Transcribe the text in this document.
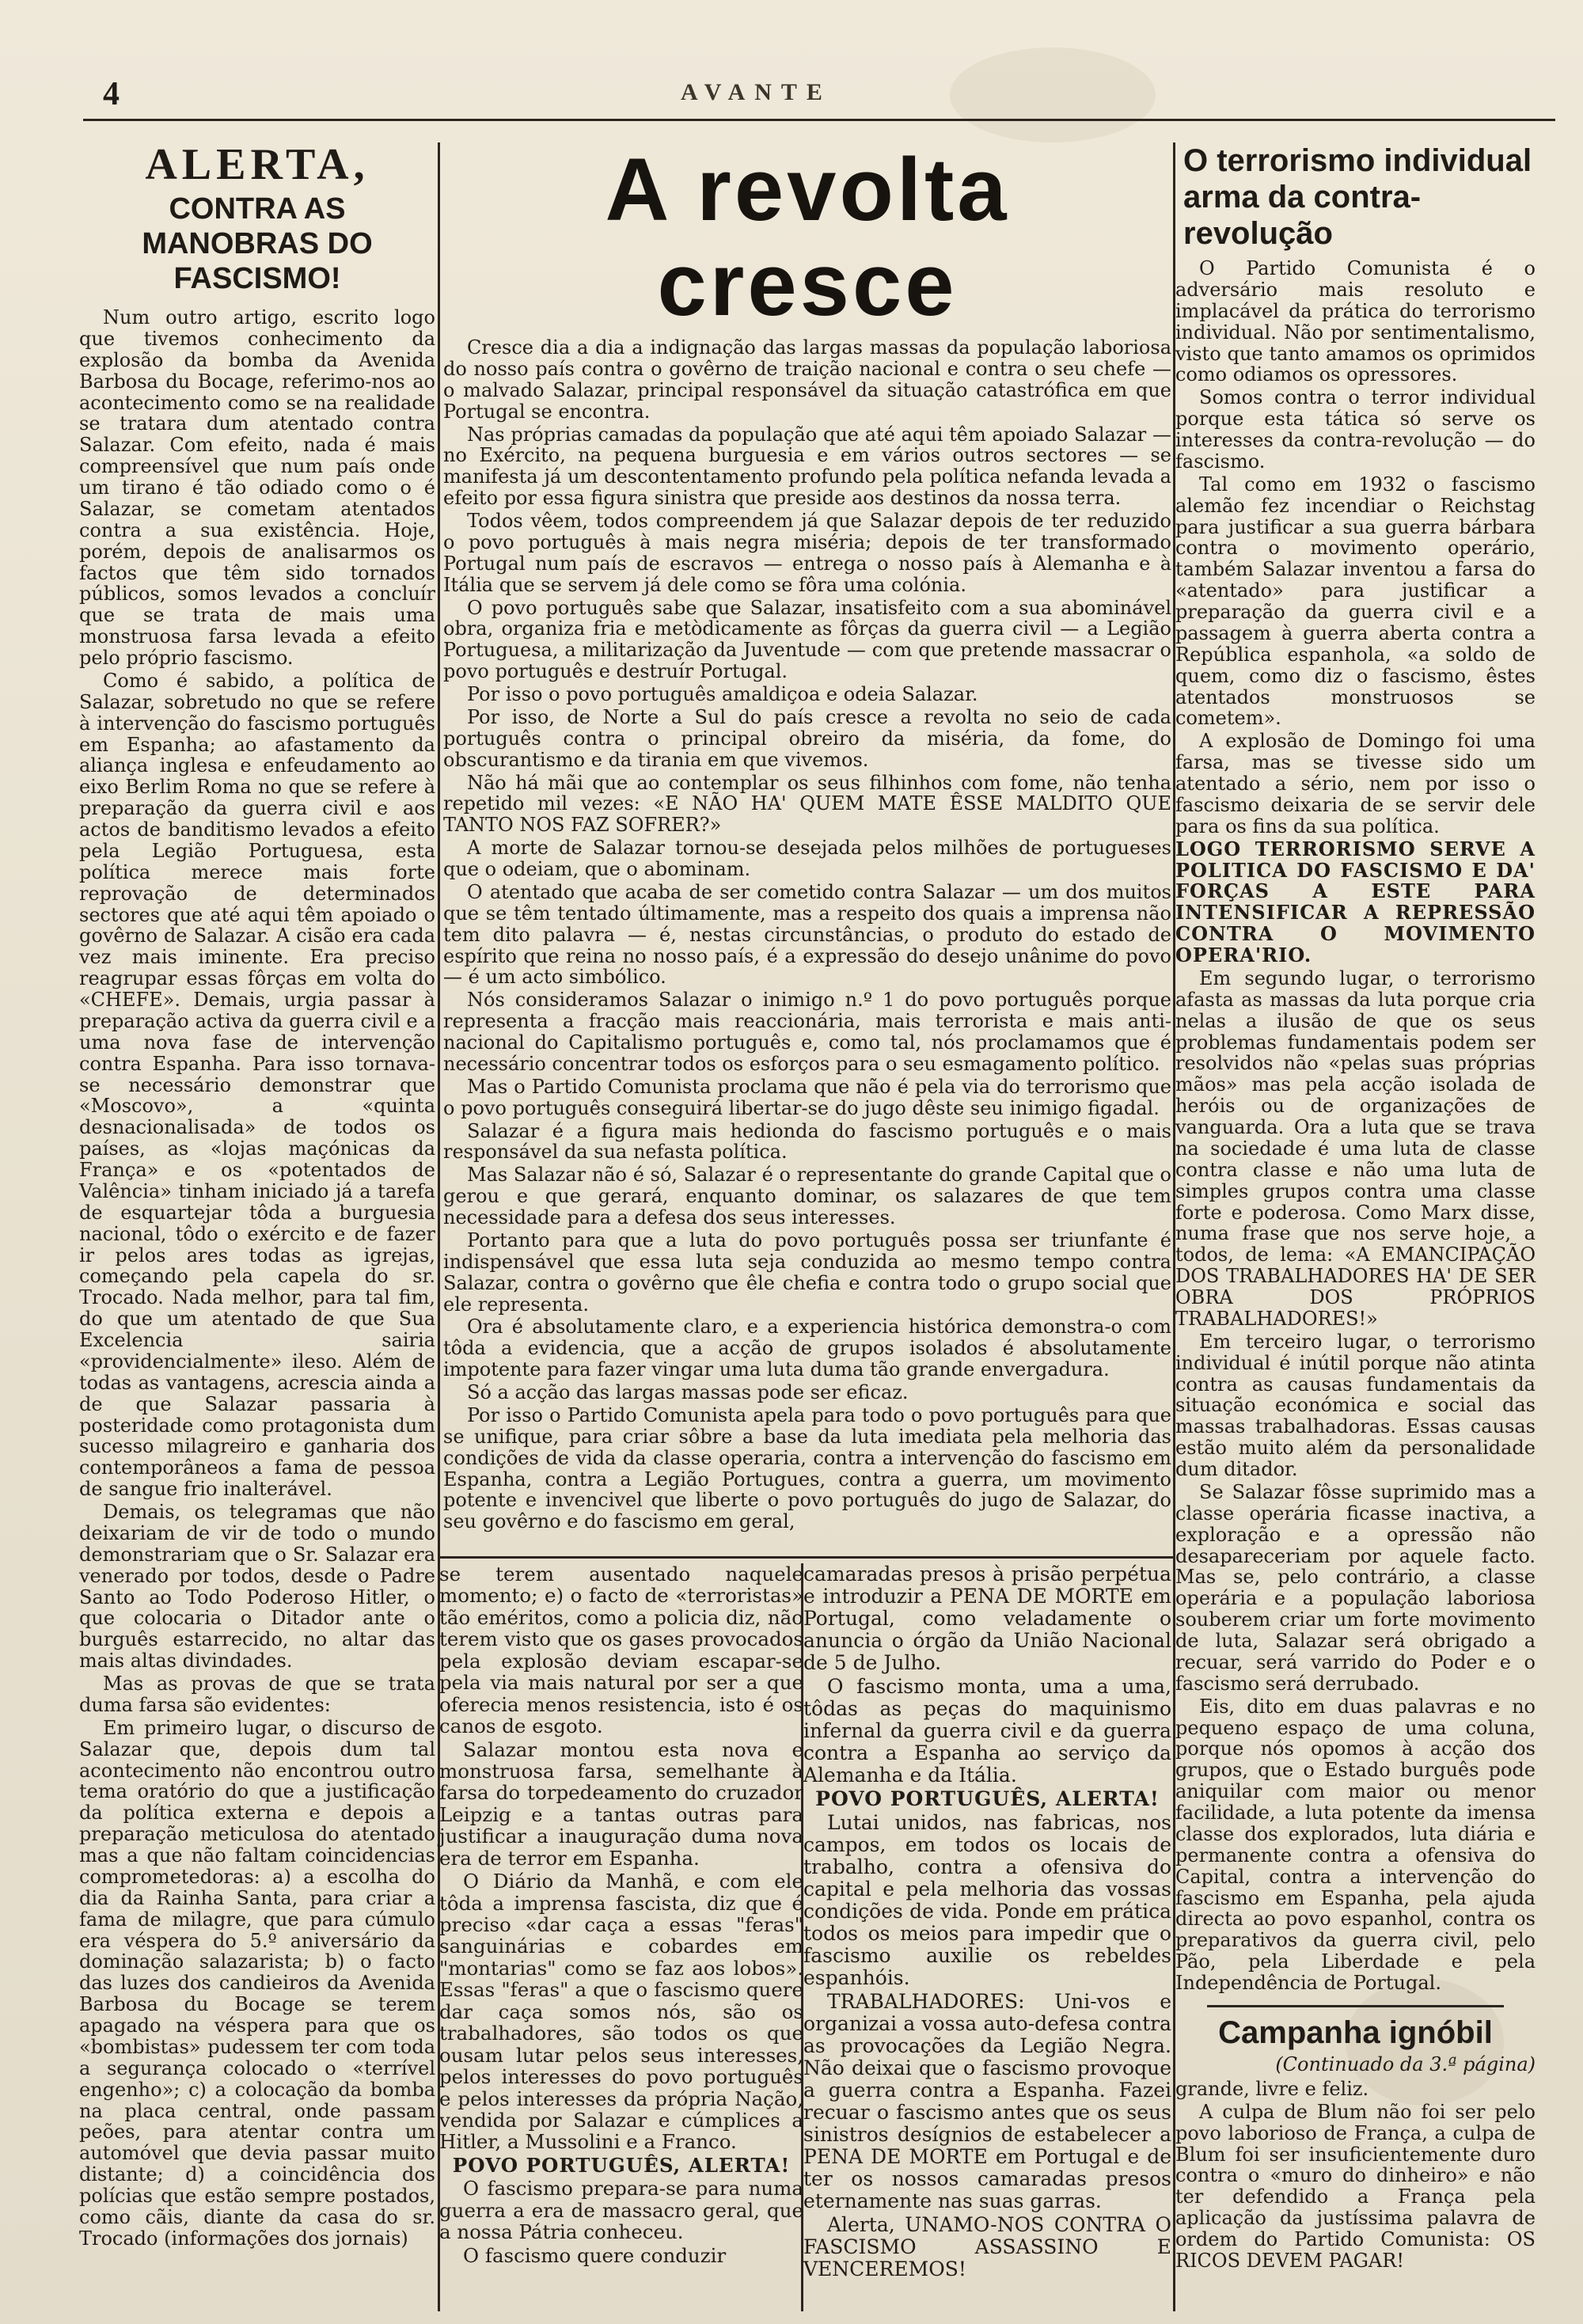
4	AVANTE
ALERTA,
CONTRA AS MANOBRAS DO FASCISMO!

Num outro artigo, escrito logo que tivemos conhecimento da explosão da bomba da Avenida Barbosa du Bocage, referimo-nos ao acontecimento como se na realidade se tratara dum atentado contra Salazar. Com efeito, nada é mais compreensível que num país onde um tirano é tão odiado como o é Salazar, se cometam atentados contra a sua existência. Hoje, porém, depois de analisarmos os factos que têm sido tornados públicos, somos levados a concluír que se trata de mais uma monstruosa farsa levada a efeito pelo próprio fascismo.

Como é sabido, a política de Salazar, sobretudo no que se refere à intervenção do fascismo português em Espanha; ao afastamento da aliança inglesa e enfeudamento ao eixo Berlim Roma no que se refere à preparação da guerra civil e aos actos de banditismo levados a efeito pela Legião Portuguesa, esta política merece mais forte reprovação de determinados sectores que até aqui têm apoiado o govêrno de Salazar. A cisão era cada vez mais iminente. Era preciso reagrupar essas fôrças em volta do «CHEFE». Demais, urgia passar à preparação activa da guerra civil e a uma nova fase de intervenção contra Espanha. Para isso tornava-se necessário demonstrar que «Moscovo», a «quinta desnacionalisada» de todos os países, as «lojas maçónicas da França» e os «potentados de Valência» tinham iniciado já a tarefa de esquartejar tôda a burguesia nacional, tôdo o exército e de fazer ir pelos ares todas as igrejas, começando pela capela do sr. Trocado. Nada melhor, para tal fim, do que um atentado de que Sua Excelencia sairia «providencialmente» ileso. Além de todas as vantagens, acrescia ainda a de que Salazar passaria à posteridade como protagonista dum sucesso milagreiro e ganharia dos contemporâneos a fama de pessoa de sangue frio inalterável.

Demais, os telegramas que não deixariam de vir de todo o mundo demonstrariam que o Sr. Salazar era venerado por todos, desde o Padre Santo ao Todo Poderoso Hitler, o que colocaria o Ditador ante o burguês estarrecido, no altar das mais altas divindades.

Mas as provas de que se trata duma farsa são evidentes:

Em primeiro lugar, o discurso de Salazar que, depois dum tal acontecimento não encontrou outro tema oratório do que a justificação da política externa e depois a preparação meticulosa do atentado mas a que não faltam coincidencias comprometedoras: a) a escolha do dia da Rainha Santa, para criar a fama de milagre, que para cúmulo era véspera do 5.º aniversário da dominação salazarista; b) o facto das luzes dos candieiros da Avenida Barbosa du Bocage se terem apagado na véspera para que os «bombistas» pudessem ter com toda a segurança colocado o «terrível engenho»; c) a colocação da bomba na placa central, onde passam peões, para atentar contra um automóvel que devia passar muito distante; d) a coincidência dos polícias que estão sempre postados, como cãis, diante da casa do sr. Trocado (informações dos jornais)

A revolta cresce

Cresce dia a dia a indignação das largas massas da população laboriosa do nosso país contra o govêrno de traição nacional e contra o seu chefe — o malvado Salazar, principal responsável da situação catastrófica em que Portugal se encontra.

Nas próprias camadas da população que até aqui têm apoiado Salazar — no Exército, na pequena burguesia e em vários outros sectores — se manifesta já um descontentamento profundo pela política nefanda levada a efeito por essa figura sinistra que preside aos destinos da nossa terra.

Todos vêem, todos compreendem já que Salazar depois de ter reduzido o povo português à mais negra miséria; depois de ter transformado Portugal num país de escravos — entrega o nosso país à Alemanha e à Itália que se servem já dele como se fôra uma colónia.

O povo português sabe que Salazar, insatisfeito com a sua abominável obra, organiza fria e metòdicamente as fôrças da guerra civil — a Legião Portuguesa, a militarização da Juventude — com que pretende massacrar o povo português e destruír Portugal.

Por isso o povo português amaldiçoa e odeia Salazar.

Por isso, de Norte a Sul do país cresce a revolta no seio de cada português contra o principal obreiro da miséria, da fome, do obscurantismo e da tirania em que vivemos.

Não há mãi que ao contemplar os seus filhinhos com fome, não tenha repetido mil vezes: «E NÃO HA' QUEM MATE ÊSSE MALDITO QUE TANTO NOS FAZ SOFRER?»

A morte de Salazar tornou-se desejada pelos milhões de portugueses que o odeiam, que o abominam.

O atentado que acaba de ser cometido contra Salazar — um dos muitos que se têm tentado últimamente, mas a respeito dos quais a imprensa não tem dito palavra — é, nestas circunstâncias, o produto do estado de espírito que reina no nosso país, é a expressão do desejo unânime do povo — é um acto simbólico.

Nós consideramos Salazar o inimigo n.º 1 do povo português porque representa a fracção mais reaccionária, mais terrorista e mais anti-nacional do Capitalismo português e, como tal, nós proclamamos que é necessário concentrar todos os esforços para o seu esmagamento político.

Mas o Partido Comunista proclama que não é pela via do terrorismo que o povo português conseguirá libertar-se do jugo dêste seu inimigo figadal.

Salazar é a figura mais hedionda do fascismo português e o mais responsável da sua nefasta política.

Mas Salazar não é só, Salazar é o representante do grande Capital que o gerou e que gerará, enquanto dominar, os salazares de que tem necessidade para a defesa dos seus interesses.

Portanto para que a luta do povo português possa ser triunfante é indispensável que essa luta seja conduzida ao mesmo tempo contra Salazar, contra o govêrno que êle chefia e contra todo o grupo social que ele representa.

Ora é absolutamente claro, e a experiencia histórica demonstra-o com tôda a evidencia, que a acção de grupos isolados é absolutamente impotente para fazer vingar uma luta duma tão grande envergadura.

Só a acção das largas massas pode ser eficaz.

Por isso o Partido Comunista apela para todo o povo português para que se unifique, para criar sôbre a base da luta imediata pela melhoria das condições de vida da classe operaria, contra a intervenção do fascismo em Espanha, contra a Legião Portugues, contra a guerra, um movimento potente e invencivel que liberte o povo português do jugo de Salazar, do seu govêrno e do fascismo em geral,

se terem ausentado naquele momento; e) o facto de «terroristas» tão eméritos, como a policia diz, não terem visto que os gases provocados pela explosão deviam escapar-se pela via mais natural por ser a que oferecia menos resistencia, isto é os canos de esgoto.

Salazar montou esta nova e monstruosa farsa, semelhante à farsa do torpedeamento do cruzador Leipzig e a tantas outras para justificar a inauguração duma nova era de terror em Espanha.

O Diário da Manhã, e com ele tôda a imprensa fascista, diz que é preciso «dar caça a essas "feras" sanguinárias e cobardes em "montarias" como se faz aos lobos». Essas "feras" a que o fascismo quere dar caça somos nós, são os trabalhadores, são todos os que ousam lutar pelos seus interesses, pelos interesses do povo português e pelos interesses da própria Nação, vendida por Salazar e cúmplices a Hitler, a Mussolini e a Franco.

POVO PORTUGUÊS, ALERTA!

O fascismo prepara-se para numa guerra a era de massacro geral, que a nossa Pátria conheceu.

O fascismo quere conduzir

camaradas presos à prisão perpétua e introduzir a PENA DE MORTE em Portugal, como veladamente o anuncia o órgão da União Nacional de 5 de Julho.

O fascismo monta, uma a uma, tôdas as peças do maquinismo infernal da guerra civil e da guerra contra a Espanha ao serviço da Alemanha e da Itália.

POVO PORTUGUÊS, ALERTA!

Lutai unidos, nas fabricas, nos campos, em todos os locais de trabalho, contra a ofensiva do capital e pela melhoria das vossas condições de vida. Ponde em prática todos os meios para impedir que o fascismo auxilie os rebeldes espanhóis.

TRABALHADORES: Uni-vos e organizai a vossa auto-defesa contra as provocações da Legião Negra. Não deixai que o fascismo provoque a guerra contra a Espanha. Fazei recuar o fascismo antes que os seus sinistros desígnios de estabelecer a PENA DE MORTE em Portugal e de ter os nossos camaradas presos eternamente nas suas garras.

Alerta, UNAMO-NOS CONTRA O FASCISMO ASSASSINO E VENCEREMOS!

O terrorismo individual arma da contra-revolução

O Partido Comunista é o adversário mais resoluto e implacável da prática do terrorismo individual. Não por sentimentalismo, visto que tanto amamos os oprimidos como odiamos os opressores.

Somos contra o terror individual porque esta tática só serve os interesses da contra-revolução — do fascismo.

Tal como em 1932 o fascismo alemão fez incendiar o Reichstag para justificar a sua guerra bárbara contra o movimento operário, também Salazar inventou a farsa do «atentado» para justificar a preparação da guerra civil e a passagem à guerra aberta contra a República espanhola, «a soldo de quem, como diz o fascismo, êstes atentados monstruosos se cometem».

A explosão de Domingo foi uma farsa, mas se tivesse sido um atentado a sério, nem por isso o fascismo deixaria de se servir dele para os fins da sua política.

LOGO TERRORISMO SERVE A POLITICA DO FASCISMO E DA' FORÇAS A ESTE PARA INTENSIFICAR A REPRESSÃO CONTRA O MOVIMENTO OPERA'RIO.

Em segundo lugar, o terrorismo afasta as massas da luta porque cria nelas a ilusão de que os seus problemas fundamentais podem ser resolvidos não «pelas suas próprias mãos» mas pela acção isolada de heróis ou de organizações de vanguarda. Ora a luta que se trava na sociedade é uma luta de classe contra classe e não uma luta de simples grupos contra uma classe forte e poderosa. Como Marx disse, numa frase que nos serve hoje, a todos, de lema: «A EMANCIPAÇÃO DOS TRABALHADORES HA' DE SER OBRA DOS PRÓPRIOS TRABALHADORES!»

Em terceiro lugar, o terrorismo individual é inútil porque não atinta contra as causas fundamentais da situação económica e social das massas trabalhadoras. Essas causas estão muito além da personalidade dum ditador.

Se Salazar fôsse suprimido mas a classe operária ficasse inactiva, a exploração e a opressão não desapareceriam por aquele facto. Mas se, pelo contrário, a classe operária e a população laboriosa souberem criar um forte movimento de luta, Salazar será obrigado a recuar, será varrido do Poder e o fascismo será derrubado.

Eis, dito em duas palavras e no pequeno espaço de uma coluna, porque nós opomos à acção dos grupos, que o Estado burguês pode aniquilar com maior ou menor facilidade, a luta potente da imensa classe dos explorados, luta diária e permanente contra a ofensiva do Capital, contra a intervenção do fascismo em Espanha, pela ajuda directa ao povo espanhol, contra os preparativos da guerra civil, pelo Pão, pela Liberdade e pela Independência de Portugal.

Campanha ignóbil
(Continuado da 3.ª página)

grande, livre e feliz.

A culpa de Blum não foi ser pelo povo laborioso de França, a culpa de Blum foi ser insuficientemente duro contra o «muro do dinheiro» e não ter defendido a França pela aplicação da justíssima palavra de ordem do Partido Comunista: OS RICOS DEVEM PAGAR!
